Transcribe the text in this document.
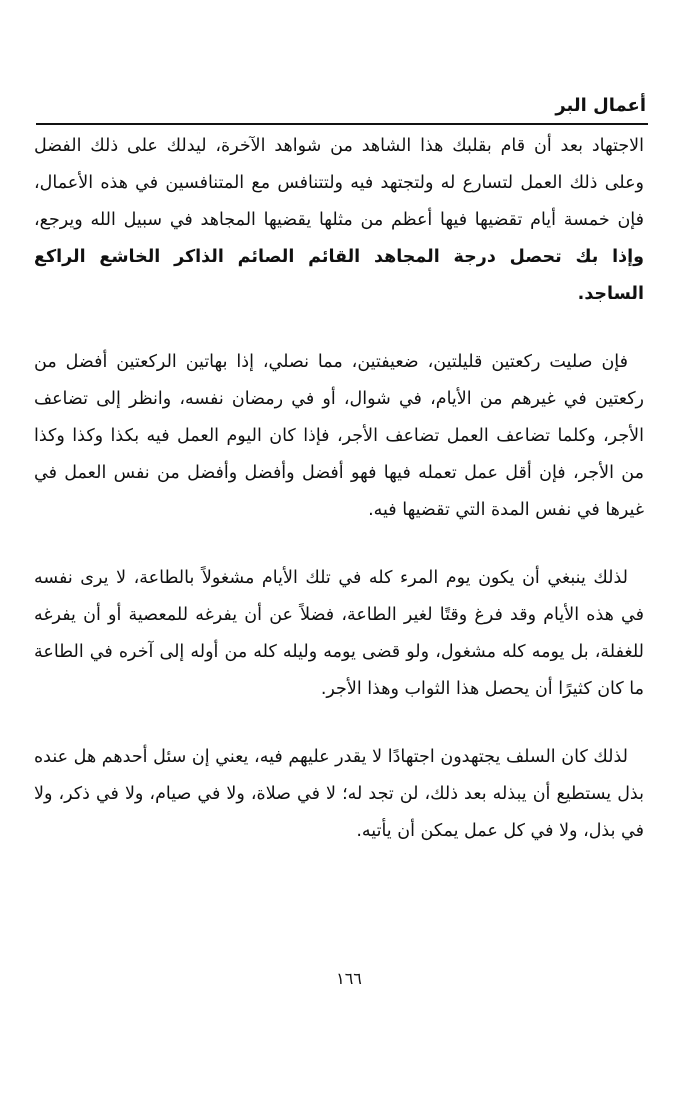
أعمال البر

الاجتهاد بعد أن قام بقلبك هذا الشاهد من شواهد الآخرة، ليدلك على ذلك الفضل وعلى ذلك العمل لتسارع له ولتجتهد فيه ولتتنافس مع المتنافسين في هذه الأعمال، فإن خمسة أيام تقضيها فيها أعظم من مثلها يقضيها المجاهد في سبيل الله ويرجع، وإذا بك تحصل درجة المجاهد القائم الصائم الذاكر الخاشع الراكع الساجد.

فإن صليت ركعتين قليلتين، ضعيفتين، مما نصلي، إذا بهاتين الركعتين أفضل من ركعتين في غيرهم من الأيام، في شوال، أو في رمضان نفسه، وانظر إلى تضاعف الأجر، وكلما تضاعف العمل تضاعف الأجر، فإذا كان اليوم العمل فيه بكذا وكذا وكذا من الأجر، فإن أقل عمل تعمله فيها فهو أفضل وأفضل وأفضل من نفس العمل في غيرها في نفس المدة التي تقضيها فيه.

لذلك ينبغي أن يكون يوم المرء كله في تلك الأيام مشغولاً بالطاعة، لا يرى نفسه في هذه الأيام وقد فرغ وقتًا لغير الطاعة، فضلاً عن أن يفرغه للمعصية أو أن يفرغه للغفلة، بل يومه كله مشغول، ولو قضى يومه وليله كله من أوله إلى آخره في الطاعة ما كان كثيرًا أن يحصل هذا الثواب وهذا الأجر.

لذلك كان السلف يجتهدون اجتهادًا لا يقدر عليهم فيه، يعني إن سئل أحدهم هل عنده بذل يستطيع أن يبذله بعد ذلك، لن تجد له؛ لا في صلاة، ولا في صيام، ولا في ذكر، ولا في بذل، ولا في كل عمل يمكن أن يأتيه.

١٦٦
